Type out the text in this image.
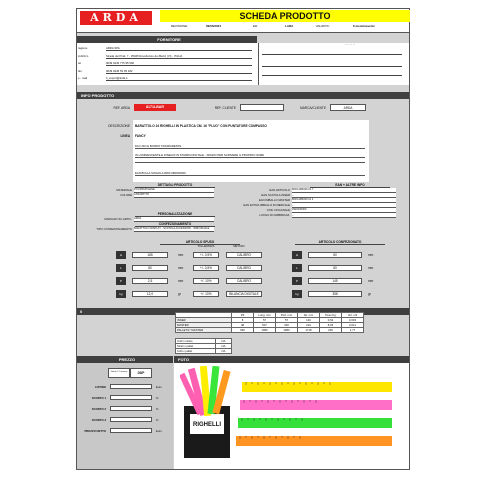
ARDA	SCHEDA PRODOTTO
REVISIONE:	09/05/2024	ED:	LARA	VALIDITA':	6 mesi/mesetto
FORNITORE
ragione	ARDA SPA
indirizzo	Strada dei Prati, 7 - 35045 Rovellonico dei Berici (VI) - ITALIA
tel	0039 0445 775 95 500
fax	0039 0445 53 05 182
e - mail	it_export@arda.it
_ _ _ _
INFO PRODOTTO
REF. ARDA	8171LBAR	REF. CLIENTE	MARCA/CLIENTE	ARDA
DESCRIZIONE BARATTOLO 24 RIGHELLI IN PLASTICA CM. 16 "FLUO" CON PUNTATORE COMPASSO
LINEA FANCY
DAI USO E BORDO TRASPARENTE
IN LUMINESCENTE E DISEGNI IN STAMPA DIGITALE - SPAZIO PER SCRIVERE IL PROPRIO NOME
EAN BOLLA SINGOLA 8003 AB0000000
DETTAGLI PRODOTTO
MATERIALE POLIPROPILENE
COLORE ASSORTITO
PERSONALIZZAZIONE
MARCHIO SU ARTIC. ARDA
CONFEZIONAMENTO
TIPO CONFEZIONAMENTO BARATTOLO DISPLAY - SCATOLA ACCESSORI - INDIVIDUALE
EAN + ALTRE INFO
EAN ARTICOLO 8003 AB0000 01 7
EAN SCATOLA INNER _
EAN IMBALLO MASTER 8003 AB0000 01 4
EAN EXTRA IMBALLO DI MERCALE _
COD. DOGANALE 3926100000
LUOGO DI FABBRICAZ. _
ARTICOLO SFUSO
TOLLERANZA	METODO
H	165	mm	+/- 0,5%	CALIBRO
L	80	mm	+/- 0,5%	CALIBRO
P	2,5	mm	+/- 10%	CALIBRO
kg	12,0	gr	+/- 10%	BILANCIA DIGITALE
ARTICOLO CONFEZIONATO
H	60	mm
L	60	mm
P	145	mm
kg	358	gr
0
	PZ	Lung. mm	Prof. mm	Alt. mm	Peso Kg	Vol. m3
INNER	8	57	57	140	0,54	0,003
MASTER	48	507	346	224	8,03	0,011
PALLET/1° MASTER	960	1080	1080	1718	200	1,77
Colli x strato	NA
Strati x pallet	NA
Colli x pallet	NA
PREZZO
Valuta / Currency	DDP
LISTINO	Euro
SCONTO 1	%
SCONTO 2	%
SCONTO 3	%
PREZZO NETTO	Euro
FOTO
RIGHELLI
